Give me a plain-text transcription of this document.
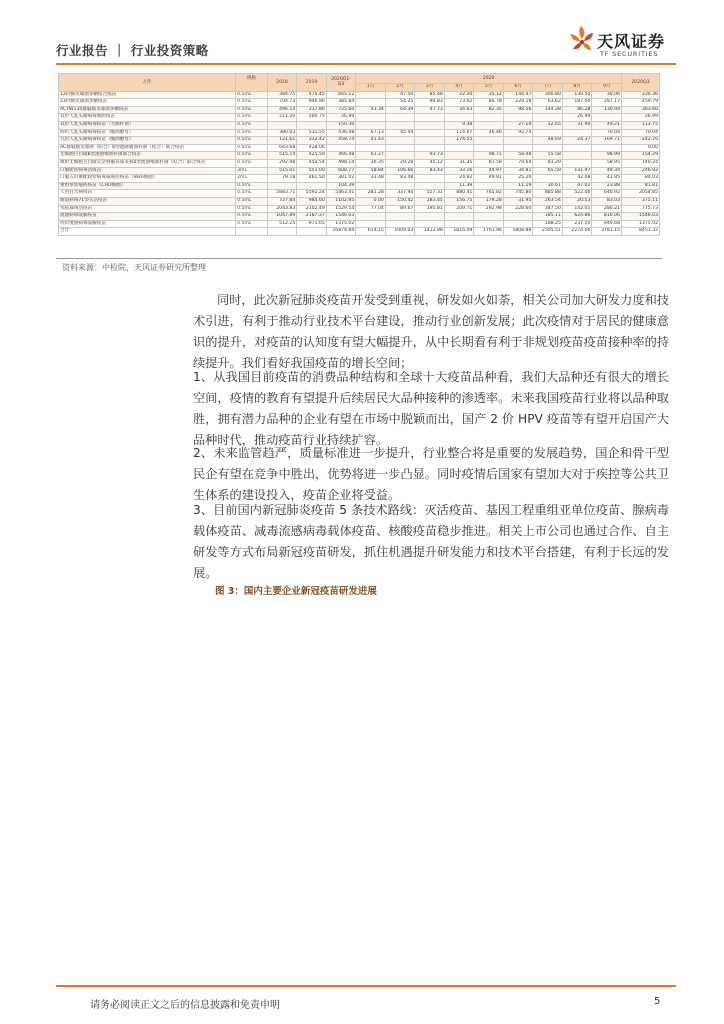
行业报告 ｜ 行业投资策略	天风证券
TF SECURITIES
万件	规格	2018	2019	2020Q1-Q3	2020									2020Q3
					1月	2月	3月	4月	5月	6月	7月	8月	9月	
13价肺炎球菌多糖结合疫苗	0.5mL	384.75	475.45	665.12		47.50	85.48	22.20	35.12	144.47	300.80	130.50	39.06	330.36
23价肺炎球菌多糖疫苗	0.5mL	704.73	946.96	385.84		54.25	94.83	73.02	84.78	229.18	63.62	187.00	287.17	459.79
ACYW135群脑膜炎球菌多糖疫苗	0.5mL	496.14	337.86	725.60	43.34	64.39	47.73	34.63	82.35	98.56	144.38	86.28	130.94	363.60
双价人乳头瘤病毒吸附疫苗	0.5mL	211.20	200.75	26.99								26.99		26.99
双价人乳头瘤病毒疫苗（大肠杆菌）	0.5mL			150.30				9.38		27.19	32.65	31.90	49.21	113.75
四价人乳头瘤病毒疫苗（酿酒酵母）	0.5mL	380.03	531.55	436.48	67.13	45.44		114.67	46.46	92.74			70.04	70.04
九价人乳头瘤病毒疫苗（酿酒酵母）	0.5mL	121.61	332.42	458.74	41.43			174.55			48.69	24.37	169.71	242.76
AC群脑膜炎球菌（结合）b型流感嗜血杆菌（结合）联合疫苗	0.5mL	643.68	428.06											0.00
无细胞百白破b型流感嗜血杆菌联合疫苗	0.5mL	515.14	425.59	466.48	61.27		93.73		98.71	58.48	55.58		98.99	154.29
吸附无细胞百白破灭活脊髓灰质炎和b型流感嗜血杆菌（结合）联合疫苗	0.5mL	292.98	450.54	498.14	30.35	29.28	45.12	31.35	81.58	79.64	81.29		58.95	140.24
口服轮状病毒活疫苗	3mL	515.01	551.00	608.77	58.84	106.66	83.43	33.16	44.97	34.81	65.59	131.97	49.34	246.92
口服五价重配轮状病毒减毒活疫苗（Vero细胞）	2mL	79.18	461.50	301.02	33.48	83.48		24.92	49.91	25.20		42.08	41.95	84.03
重组带状疱疹疫苗（CHO细胞）	0.5mL			104.39				11.39		11.19	10.61	47.02	23.88	81.81
人用狂犬病疫苗	0.5mL	5883.71	5592.24	5463.41	281.28	337.94	557.31	880.41	765.82	745.80	885.88	522.06	646.92	2054.85
肠道病毒71型灭活疫苗	0.5mL	727.84	984.60	1102.95	0.00	150.42	283.45	156.75	179.28	31.95	263.54	20.53	83.03	375.11
水痘减毒活疫苗	0.5mL	2043.83	2102.49	1529.54	77.04	89.67	195.81	209.71	292.98	228.60	347.50	142.01	286.21	775.73
流感病毒裂解疫苗	0.5mL	1047.89	2187.37	1546.03							185.11	624.86	816.06	1546.03
四价流感病毒裂解疫苗	0.5mL	512.25	971.05	1375.02							188.25	237.10	949.68	1375.02
合计				16874.84	614.15	1009.03	1412.88	1816.09	1761.96	1808.88	2595.51	2274.66	3781.15	8451.32
资料来源：中检院，天风证券研究所整理
同时，此次新冠肺炎疫苗开发受到重视，研发如火如荼，相关公司加大研发力度和技术引进，有利于推动行业技术平台建设，推动行业创新发展；此次疫情对于居民的健康意识的提升，对疫苗的认知度有望大幅提升，从中长期看有利于非规划疫苗疫苗接种率的持续提升。我们看好我国疫苗的增长空间；
1、从我国目前疫苗的消费品种结构和全球十大疫苗品种看，我们大品种还有很大的增长空间，疫情的教育有望提升后续居民大品种接种的渗透率。未来我国疫苗行业将以品种取胜，拥有潜力品种的企业有望在市场中脱颖而出，国产 2 价 HPV 疫苗等有望开启国产大品种时代，推动疫苗行业持续扩容。
2、未来监管趋严，质量标准进一步提升，行业整合将是重要的发展趋势，国企和骨干型民企有望在竞争中胜出，优势将进一步凸显。同时疫情后国家有望加大对于疾控等公共卫生体系的建设投入，疫苗企业将受益。
3、目前国内新冠肺炎疫苗 5 条技术路线：灭活疫苗、基因工程重组亚单位疫苗、腺病毒载体疫苗、减毒流感病毒载体疫苗、核酸疫苗稳步推进。相关上市公司也通过合作、自主研发等方式布局新冠疫苗研发，抓住机遇提升研发能力和技术平台搭建，有利于长远的发展。
图 3：国内主要企业新冠疫苗研发进展
请务必阅读正文之后的信息披露和免责申明	5
